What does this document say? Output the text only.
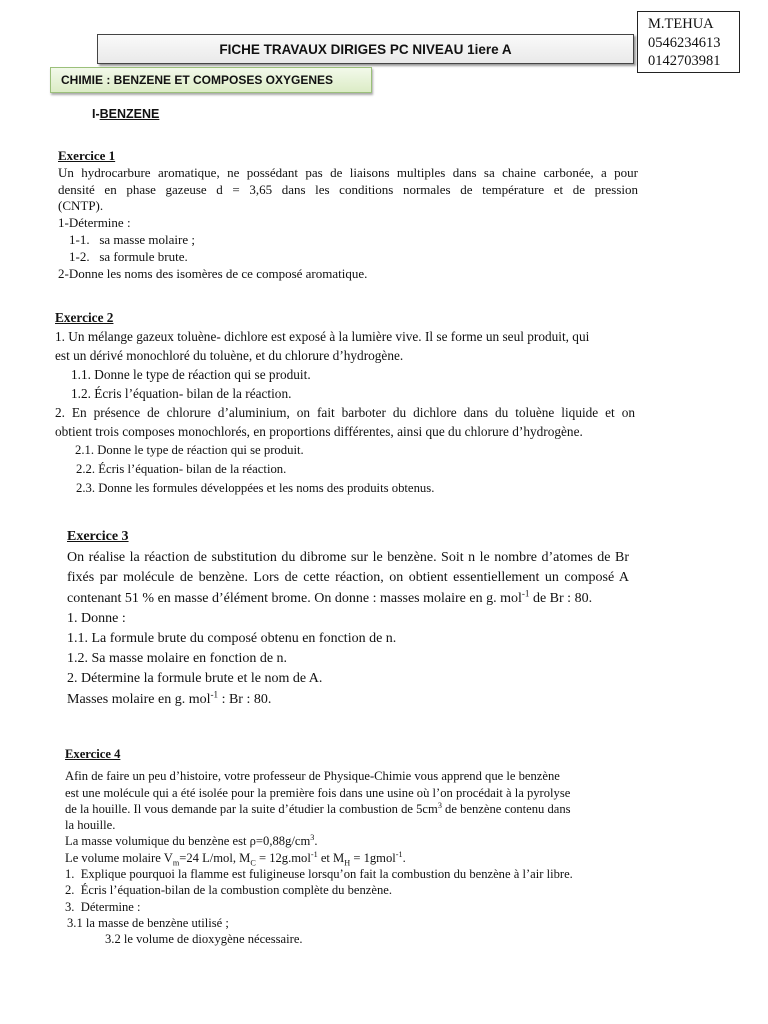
FICHE TRAVAUX DIRIGES PC NIVEAU 1iere A
M.TEHUA
0546234613
0142703981
CHIMIE : BENZENE ET COMPOSES OXYGENES
I-BENZENE
Exercice 1
Un hydrocarbure aromatique, ne possédant pas de liaisons multiples dans sa chaine carbonée, a pour
densité en phase gazeuse d = 3,65 dans les conditions normales de température et de pression
(CNTP).
1-Détermine :
1-1.   sa masse molaire ;
1-2.   sa formule brute.
2-Donne les noms des isomères de ce composé aromatique.
Exercice 2
1. Un mélange gazeux toluène- dichlore est exposé à la lumière vive. Il se forme un seul produit, qui
est un dérivé monochloré du toluène, et du chlorure d’hydrogène.
1.1. Donne le type de réaction qui se produit.
1.2. Écris l’équation- bilan de la réaction.
2. En présence de chlorure d’aluminium, on fait barboter du dichlore dans du toluène liquide et on
obtient trois composes monochlorés, en proportions différentes, ainsi que du chlorure d’hydrogène.
2.1. Donne le type de réaction qui se produit.
2.2. Écris l’équation- bilan de la réaction.
2.3. Donne les formules développées et les noms des produits obtenus.
Exercice 3
On réalise la réaction de substitution du dibrome sur le benzène. Soit n le nombre d’atomes de Br
fixés par molécule de benzène. Lors de cette réaction, on obtient essentiellement un composé A
contenant 51 % en masse d’élément brome. On donne : masses molaire en g. mol$^{-1}$ de Br : 80.
1. Donne :
1.1. La formule brute du composé obtenu en fonction de n.
1.2. Sa masse molaire en fonction de n.
2. Détermine la formule brute et le nom de A.
Masses molaire en g. mol$^{-1}$ : Br : 80.
Exercice 4
Afin de faire un peu d’histoire, votre professeur de Physique-Chimie vous apprend que le benzène
est une molécule qui a été isolée pour la première fois dans une usine où l’on procédait à la pyrolyse
de la houille. Il vous demande par la suite d’étudier la combustion de $5cm^3$ de benzène contenu dans
la houille.
La masse volumique du benzène est $\rho=0,88g/cm^3$.
Le volume molaire $V_m=24$ L/mol, $M_C = 12g.mol^{-1}$ et $M_H$ = 1gmol$^{-1}$.
1.  Explique pourquoi la flamme est fuligineuse lorsqu’on fait la combustion du benzène à l’air libre.
2.  Écris l’équation-bilan de la combustion complète du benzène.
3.  Détermine :
3.1 la masse de benzène utilisé ;
3.2 le volume de dioxygène nécessaire.
